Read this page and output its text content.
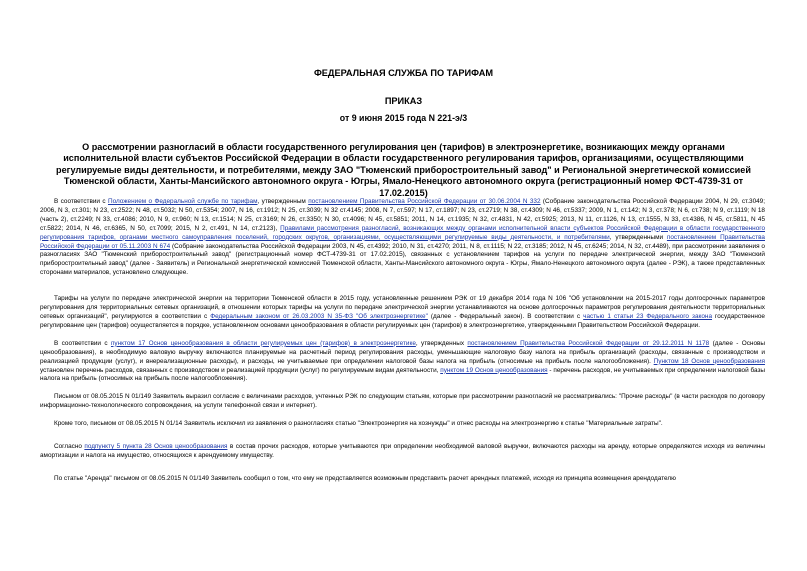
ФЕДЕРАЛЬНАЯ СЛУЖБА ПО ТАРИФАМ
ПРИКАЗ
от 9 июня 2015 года N 221-э/3
О рассмотрении разногласий в области государственного регулирования цен (тарифов) в электроэнергетике, возникающих между органами исполнительной власти субъектов Российской Федерации в области государственного регулирования тарифов, организациями, осуществляющими регулируемые виды деятельности, и потребителями, между ЗАО "Тюменский приборостроительный завод" и Региональной энергетической комиссией Тюменской области, Ханты-Мансийского автономного округа - Югры, Ямало-Ненецкого автономного округа (регистрационный номер ФСТ-4739-31 от 17.02.2015)

В соответствии с Положением о Федеральной службе по тарифам, утвержденным постановлением Правительства Российской Федерации от 30.06.2004 N 332 (Собрание законодательства Российской Федерации 2004, N 29, ст.3049; 2006, N 3, ст.301; N 23, ст.2522; N 48, ст.5032; N 50, ст.5354; 2007, N 16, ст.1912; N 25, ст.3039; N 32 ст.4145; 2008, N 7, ст.597; N 17, ст.1897; N 23, ст.2719; N 38, ст.4309; N 46, ст.5337; 2009, N 1, ст.142; N 3, ст.378; N 6, ст.738; N 9, ст.1119; N 18 (часть 2), ст.2249; N 33, ст.4086; 2010, N 9, ст.960; N 13, ст.1514; N 25, ст.3169; N 26, ст.3350; N 30, ст.4096; N 45, ст.5851; 2011, N 14, ст.1935; N 32, ст.4831, N 42, ст.5925; 2013, N 11, ст.1126, N 13, ст.1555, N 33, ст.4386, N 45, ст.5811, N 45 ст.5822; 2014, N 46, ст.6365, N 50, ст.7099; 2015, N 2, ст.491, N 14, ст.2123), Правилами рассмотрения разногласий, возникающих между органами исполнительной власти субъектов Российской Федерации в области государственного регулирования тарифов, органами местного самоуправления поселений, городских округов, организациями, осуществляющими регулируемые виды деятельности, и потребителями, утвержденными постановлением Правительства Российской Федерации от 05.11.2003 N 674 (Собрание законодательства Российской Федерации 2003, N 45, ст.4392; 2010, N 31, ст.4270; 2011, N 8, ст.1115; N 22, ст.3185; 2012, N 45, ст.6245; 2014, N 32, ст.4489), при рассмотрении заявления о разногласиях ЗАО "Тюменский приборостроительный завод" (регистрационный номер ФСТ-4739-31 от 17.02.2015), связанных с установлением тарифов на услуги по передаче электрической энергии, между ЗАО "Тюменский приборостроительный завод" (далее - Заявитель) и Региональной энергетической комиссией Тюменской области, Ханты-Мансийского автономного округа - Югры, Ямало-Ненецкого автономного округа (далее - РЭК), а также представленных сторонами материалов, установлено следующее.

Тарифы на услуги по передаче электрической энергии на территории Тюменской области в 2015 году, установленные решением РЭК от 19 декабря 2014 года N 106 "Об установлении на 2015-2017 годы долгосрочных параметров регулирования для территориальных сетевых организаций, в отношении которых тарифы на услуги по передаче электрической энергии устанавливаются на основе долгосрочных параметров регулирования деятельности территориальных сетевых организаций", регулируются в соответствии с Федеральным законом от 26.03.2003 N 35-ФЗ "Об электроэнергетике" (далее - Федеральный закон). В соответствии с частью 1 статьи 23 Федерального закона государственное регулирование цен (тарифов) осуществляется в порядке, установленном основами ценообразования в области регулируемых цен (тарифов) в электроэнергетике, утвержденными Правительством Российской Федерации.

В соответствии с пунктом 17 Основ ценообразования в области регулируемых цен (тарифов) в электроэнергетике, утвержденных постановлением Правительства Российской Федерации от 29.12.2011 N 1178 (далее - Основы ценообразования), в необходимую валовую выручку включаются планируемые на расчетный период регулирования расходы, уменьшающие налоговую базу налога на прибыль организаций (расходы, связанные с производством и реализацией продукции (услуг), и внереализационные расходы), и расходы, не учитываемые при определении налоговой базы налога на прибыль (относимые на прибыль после налогообложения). Пунктом 18 Основ ценообразования установлен перечень расходов, связанных с производством и реализацией продукции (услуг) по регулируемым видам деятельности, пунктом 19 Основ ценообразования - перечень расходов, не учитываемых при определении налоговой базы налога на прибыль (относимых на прибыль после налогообложения).

Письмом от 08.05.2015 N 01/149 Заявитель выразил согласие с величинами расходов, учтенных РЭК по следующим статьям, которые при рассмотрении разногласий не рассматривались: "Прочие расходы" (в части расходов по договору информационно-технологического сопровождения, на услуги телефонной связи и интернет).

Кроме того, письмом от 08.05.2015 N 01/14 Заявитель исключил из заявления о разногласиях статью "Электроэнергия на хознужды" и отнес расходы на электроэнергию к статье "Материальные затраты".

Согласно подпункту 5 пункта 28 Основ ценообразования в состав прочих расходов, которые учитываются при определении необходимой валовой выручки, включаются расходы на аренду, которые определяются исходя из величины амортизации и налога на имущество, относящихся к арендуемому имуществу.

По статье "Аренда" письмом от 08.05.2015 N 01/149 Заявитель сообщил о том, что ему не представляется возможным представить расчет арендных платежей, исходя из принципа возмещения арендодателю
